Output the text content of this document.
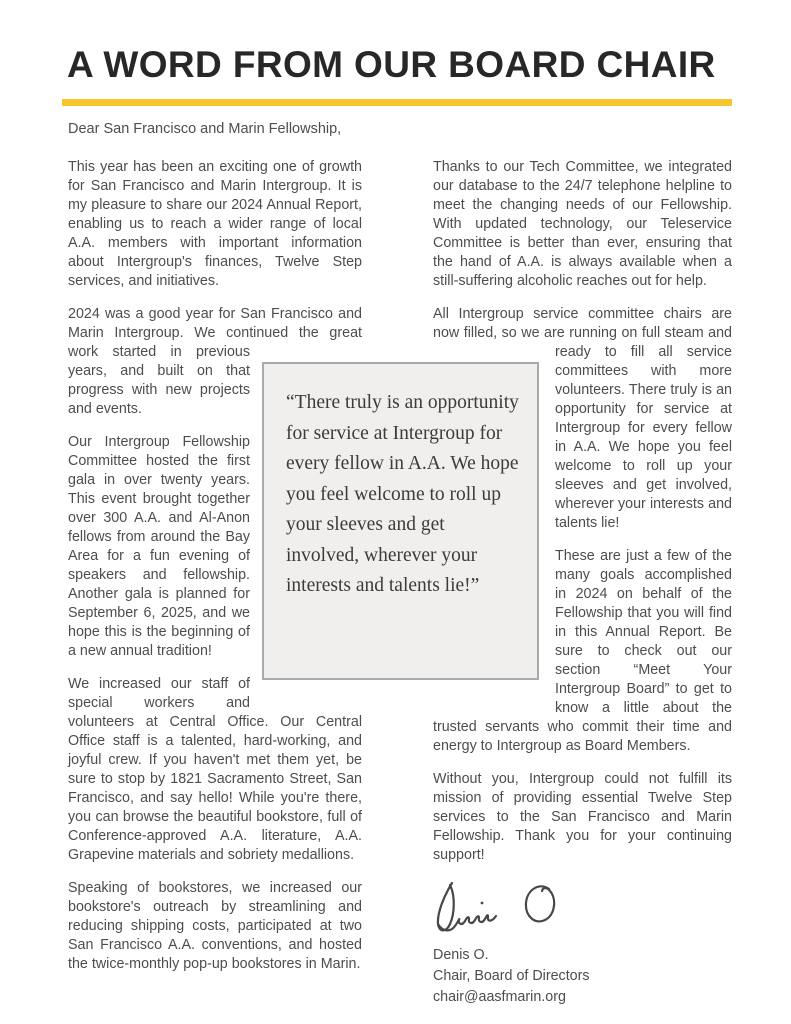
A WORD FROM OUR BOARD CHAIR

Dear San Francisco and Marin Fellowship,

This year has been an exciting one of growth for San Francisco and Marin Intergroup. It is my pleasure to share our 2024 Annual Report, enabling us to reach a wider range of local A.A. members with important information about Intergroup's finances, Twelve Step services, and initiatives.

2024 was a good year for San Francisco and Marin Intergroup. We continued the great work started in previous years, and built on that progress with new projects and events.

Our Intergroup Fellowship Committee hosted the first gala in over twenty years. This event brought together over 300 A.A. and Al-Anon fellows from around the Bay Area for a fun evening of speakers and fellowship. Another gala is planned for September 6, 2025, and we hope this is the beginning of a new annual tradition!

We increased our staff of special workers and volunteers at Central Office. Our Central Office staff is a talented, hard-working, and joyful crew. If you haven't met them yet, be sure to stop by 1821 Sacramento Street, San Francisco, and say hello! While you're there, you can browse the beautiful bookstore, full of Conference-approved A.A. literature, A.A. Grapevine materials and sobriety medallions.

Speaking of bookstores, we increased our bookstore's outreach by streamlining and reducing shipping costs, participated at two San Francisco A.A. conventions, and hosted the twice-monthly pop-up bookstores in Marin.

Thanks to our Tech Committee, we integrated our database to the 24/7 telephone helpline to meet the changing needs of our Fellowship. With updated technology, our Teleservice Committee is better than ever, ensuring that the hand of A.A. is always available when a still-suffering alcoholic reaches out for help.

All Intergroup service committee chairs are now filled, so we are running on full steam and ready to fill all service committees with more volunteers. There truly is an opportunity for service at Intergroup for every fellow in A.A. We hope you feel welcome to roll up your sleeves and get involved, wherever your interests and talents lie!

These are just a few of the many goals accomplished in 2024 on behalf of the Fellowship that you will find in this Annual Report. Be sure to check out our section “Meet Your Intergroup Board” to get to know a little about the trusted servants who commit their time and energy to Intergroup as Board Members.

Without you, Intergroup could not fulfill its mission of providing essential Twelve Step services to the San Francisco and Marin Fellowship. Thank you for your continuing support!

Denis O.

Chair, Board of Directors

chair@aasfmarin.org

“There truly is an opportunity for service at Intergroup for every fellow in A.A. We hope you feel welcome to roll up your sleeves and get involved, wherever your interests and talents lie!”
